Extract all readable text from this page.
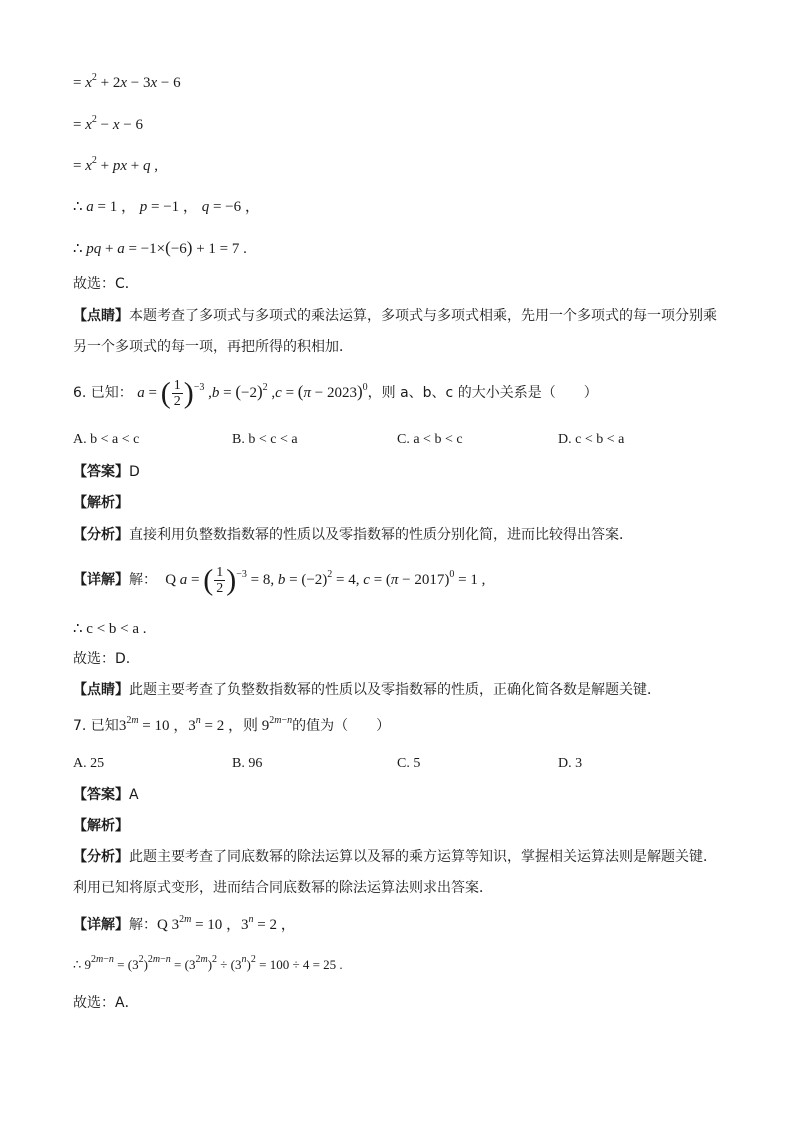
= $x^2 + 2x - 3x - 6$
= $x^2 - x - 6$
= $x^2$ + px + q ,
∴ a = 1 ， p = −1 ， q = −6 ，
∴ pq + a = −1×(−6) + 1 = 7 .
故选：C．
【点睛】本题考查了多项式与多项式的乘法运算，多项式与多项式相乘，先用一个多项式的每一项分别乘
另一个多项式的每一项，再把所得的积相加．
6. 已知： a = ( $\frac{1}{2} )^{-3}$ $,b = (-2)^2$ $,c = (\pi - 2023)^0$，则 a、b、c 的大小关系是（　　）
A. b < a < c	B. b < c < a	C. a < b < c	D. c < b < a
【答案】D
【解析】
【分析】直接利用负整数指数幂的性质以及零指数幂的性质分别化简，进而比较得出答案．
【详解】解：  Q a = ( $\frac{1}{2} )^{-3} = 8$, $b = (-2)^2 = 4$, $c = (\pi - 2017)^0 = 1$ ,
∴ c < b < a .
故选：D.
【点睛】此题主要考查了负整数指数幂的性质以及零指数幂的性质，正确化简各数是解题关键．
7. 已知$3^{2m} = 10$ ，$3^n = 2$ ，则 $9^{2m-n}$的值为（　　）
A. 25	B. 96	C. 5	D. 3
【答案】A
【解析】
【分析】此题主要考查了同底数幂的除法运算以及幂的乘方运算等知识，掌握相关运算法则是解题关键．
利用已知将原式变形，进而结合同底数幂的除法运算法则求出答案．
【详解】解：Q $3^{2m} = 10$ ，$3^n = 2$ ，
∴ $9^{2m-n} = (3^2)^{2m-n} = (3^{2m})^2 \div (3^n)^2 = 100 \div 4 = 25$ .
故选：A．
